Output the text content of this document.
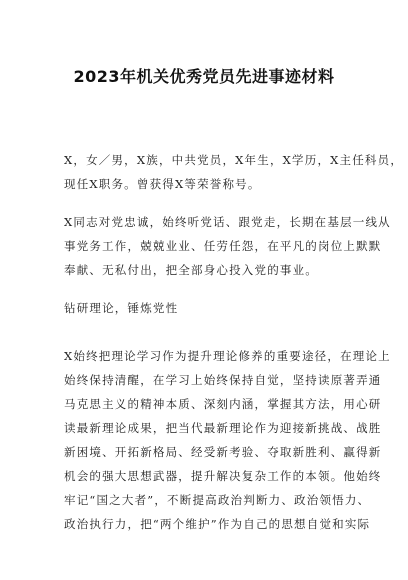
2023年机关优秀党员先进事迹材料
X，女／男，X族，中共党员，X年生，X学历，X主任科员，
现任X职务。曾获得X等荣誉称号。
X同志对党忠诚，始终听党话、跟党走，长期在基层一线从
事党务工作，兢兢业业、任劳任怨，在平凡的岗位上默默
奉献、无私付出，把全部身心投入党的事业。
钻研理论，锤炼党性
X始终把理论学习作为提升理论修养的重要途径，在理论上
始终保持清醒，在学习上始终保持自觉，坚持读原著弄通
马克思主义的精神本质、深刻内涵，掌握其方法，用心研
读最新理论成果，把当代最新理论作为迎接新挑战、战胜
新困境、开拓新格局、经受新考验、夺取新胜利、赢得新
机会的强大思想武器，提升解决复杂工作的本领。他始终
牢记“国之大者”，不断提高政治判断力、政治领悟力、
政治执行力，把“两个维护”作为自己的思想自觉和实际
